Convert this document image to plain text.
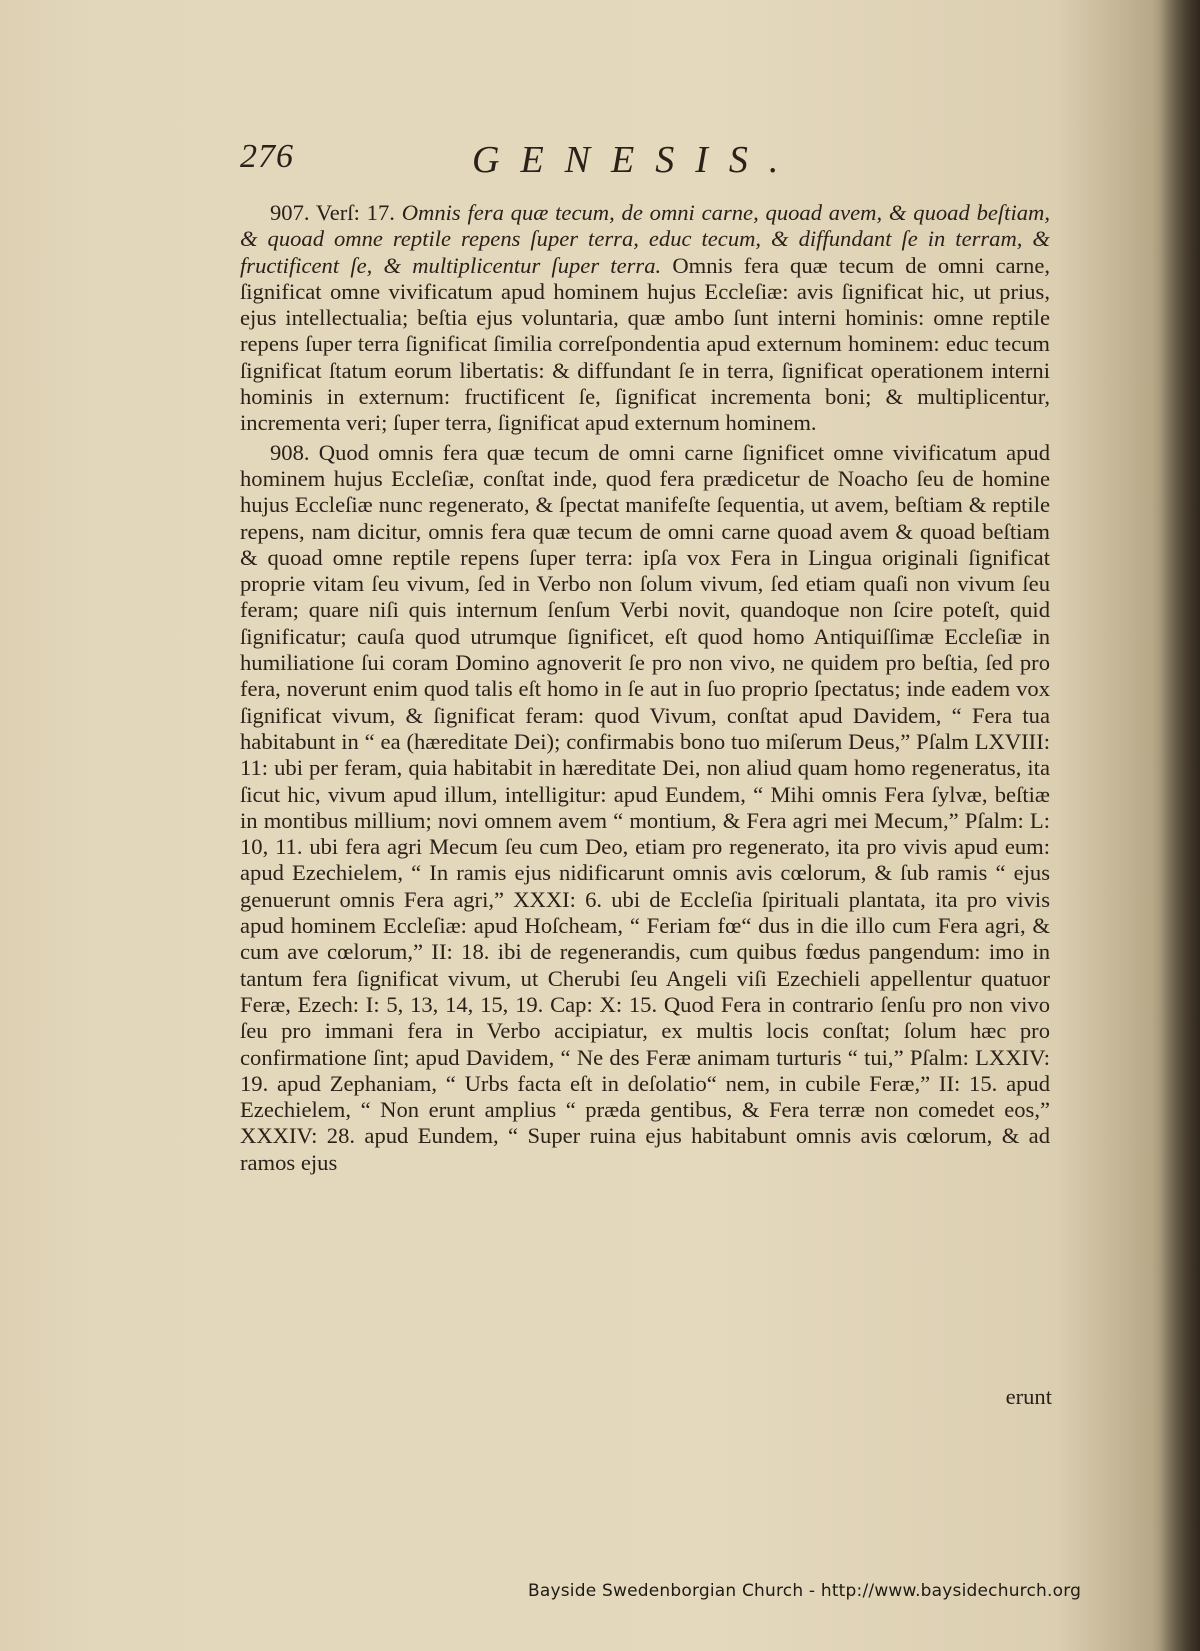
276	GENESIS.

907. Verſ: 17. Omnis fera quæ tecum, de omni carne, quoad avem, & quoad beſtiam, & quoad omne reptile repens ſuper terra, educ tecum, & diffundant ſe in terram, & fructificent ſe, & multiplicentur ſuper terra. Omnis fera quæ tecum de omni carne, ſignificat omne vivificatum apud hominem hujus Eccleſiæ: avis ſignificat hic, ut prius, ejus intellectualia; beſtia ejus voluntaria, quæ ambo ſunt interni hominis: omne reptile repens ſuper terra ſignificat ſimilia correſpondentia apud externum hominem: educ tecum ſignificat ſtatum eorum libertatis: & diffundant ſe in terra, ſignificat operationem interni hominis in externum: fructificent ſe, ſignificat incrementa boni; & multiplicentur, incrementa veri; ſuper terra, ſignificat apud externum hominem.

908. Quod omnis fera quæ tecum de omni carne ſignificet omne vivificatum apud hominem hujus Eccleſiæ, conſtat inde, quod fera prædicetur de Noacho ſeu de homine hujus Eccleſiæ nunc regenerato, & ſpectat manifeſte ſequentia, ut avem, beſtiam & reptile repens, nam dicitur, omnis fera quæ tecum de omni carne quoad avem & quoad beſtiam & quoad omne reptile repens ſuper terra: ipſa vox Fera in Lingua originali ſignificat proprie vitam ſeu vivum, ſed in Verbo non ſolum vivum, ſed etiam quaſi non vivum ſeu feram; quare niſi quis internum ſenſum Verbi novit, quandoque non ſcire poteſt, quid ſignificatur; cauſa quod utrumque ſignificet, eſt quod homo Antiquiſſimæ Eccleſiæ in humiliatione ſui coram Domino agnoverit ſe pro non vivo, ne quidem pro beſtia, ſed pro fera, noverunt enim quod talis eſt homo in ſe aut in ſuo proprio ſpectatus; inde eadem vox ſignificat vivum, & ſignificat feram: quod Vivum, conſtat apud Davidem, “ Fera tua habitabunt in “ ea (hæreditate Dei); confirmabis bono tuo miſerum Deus,” Pſalm LXVIII: 11: ubi per feram, quia habitabit in hæreditate Dei, non aliud quam homo regeneratus, ita ſicut hic, vivum apud illum, intelligitur: apud Eundem, “ Mihi omnis Fera ſylvæ, beſtiæ in montibus millium; novi omnem avem “ montium, & Fera agri mei Mecum,” Pſalm: L: 10, 11. ubi fera agri Mecum ſeu cum Deo, etiam pro regenerato, ita pro vivis apud eum: apud Ezechielem, “ In ramis ejus nidificarunt omnis avis cœlorum, & ſub ramis “ ejus genuerunt omnis Fera agri,” XXXI: 6. ubi de Eccleſia ſpirituali plantata, ita pro vivis apud hominem Eccleſiæ: apud Hoſcheam, “ Feriam fœ“ dus in die illo cum Fera agri, & cum ave cœlorum,” II: 18. ibi de regenerandis, cum quibus fœdus pangendum: imo in tantum fera ſignificat vivum, ut Cherubi ſeu Angeli viſi Ezechieli appellentur quatuor Feræ, Ezech: I: 5, 13, 14, 15, 19. Cap: X: 15. Quod Fera in contrario ſenſu pro non vivo ſeu pro immani fera in Verbo accipiatur, ex multis locis conſtat; ſolum hæc pro confirmatione ſint; apud Davidem, “ Ne des Feræ animam turturis “ tui,” Pſalm: LXXIV: 19. apud Zephaniam, “ Urbs facta eſt in deſolatio“ nem, in cubile Feræ,” II: 15. apud Ezechielem, “ Non erunt amplius “ præda gentibus, & Fera terræ non comedet eos,” XXXIV: 28. apud Eundem, “ Super ruina ejus habitabunt omnis avis cœlorum, & ad ramos ejus

erunt
Bayside Swedenborgian Church - http://www.baysidechurch.org
